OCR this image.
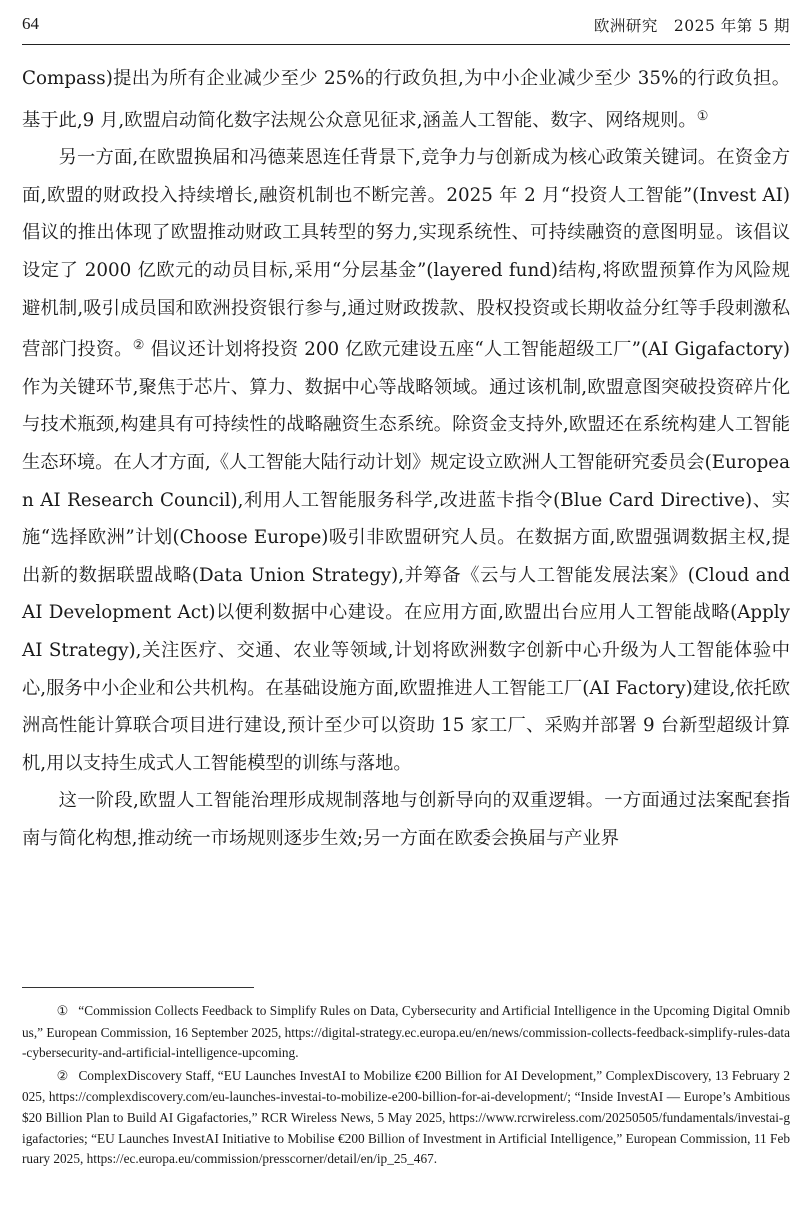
64	欧洲研究　2025 年第 5 期

Compass)提出为所有企业减少至少 25%的行政负担,为中小企业减少至少 35%的行政负担。基于此,9 月,欧盟启动简化数字法规公众意见征求,涵盖人工智能、数字、网络规则。①

另一方面,在欧盟换届和冯德莱恩连任背景下,竞争力与创新成为核心政策关键词。在资金方面,欧盟的财政投入持续增长,融资机制也不断完善。2025 年 2 月“投资人工智能”(Invest AI)倡议的推出体现了欧盟推动财政工具转型的努力,实现系统性、可持续融资的意图明显。该倡议设定了 2000 亿欧元的动员目标,采用“分层基金”(layered fund)结构,将欧盟预算作为风险规避机制,吸引成员国和欧洲投资银行参与,通过财政拨款、股权投资或长期收益分红等手段刺激私营部门投资。② 倡议还计划将投资 200 亿欧元建设五座“人工智能超级工厂”(AI Gigafactory)作为关键环节,聚焦于芯片、算力、数据中心等战略领域。通过该机制,欧盟意图突破投资碎片化与技术瓶颈,构建具有可持续性的战略融资生态系统。除资金支持外,欧盟还在系统构建人工智能生态环境。在人才方面,《人工智能大陆行动计划》规定设立欧洲人工智能研究委员会(European AI Research Council),利用人工智能服务科学,改进蓝卡指令(Blue Card Directive)、实施“选择欧洲”计划(Choose Europe)吸引非欧盟研究人员。在数据方面,欧盟强调数据主权,提出新的数据联盟战略(Data Union Strategy),并筹备《云与人工智能发展法案》(Cloud and AI Development Act)以便利数据中心建设。在应用方面,欧盟出台应用人工智能战略(Apply AI Strategy),关注医疗、交通、农业等领域,计划将欧洲数字创新中心升级为人工智能体验中心,服务中小企业和公共机构。在基础设施方面,欧盟推进人工智能工厂(AI Factory)建设,依托欧洲高性能计算联合项目进行建设,预计至少可以资助 15 家工厂、采购并部署 9 台新型超级计算机,用以支持生成式人工智能模型的训练与落地。

这一阶段,欧盟人工智能治理形成规制落地与创新导向的双重逻辑。一方面通过法案配套指南与简化构想,推动统一市场规则逐步生效;另一方面在欧委会换届与产业界

① “Commission Collects Feedback to Simplify Rules on Data, Cybersecurity and Artificial Intelligence in the Upcoming Digital Omnibus,” European Commission, 16 September 2025, https://digital-strategy.ec.europa.eu/en/news/commission-collects-feedback-simplify-rules-data-cybersecurity-and-artificial-intelligence-upcoming.

② ComplexDiscovery Staff, “EU Launches InvestAI to Mobilize €200 Billion for AI Development,” ComplexDiscovery, 13 February 2025, https://complexdiscovery.com/eu-launches-investai-to-mobilize-e200-billion-for-ai-development/; “Inside InvestAI — Europe’s Ambitious $20 Billion Plan to Build AI Gigafactories,” RCR Wireless News, 5 May 2025, https://www.rcrwireless.com/20250505/fundamentals/investai-gigafactories; “EU Launches InvestAI Initiative to Mobilise €200 Billion of Investment in Artificial Intelligence,” European Commission, 11 February 2025, https://ec.europa.eu/commission/presscorner/detail/en/ip_25_467.
